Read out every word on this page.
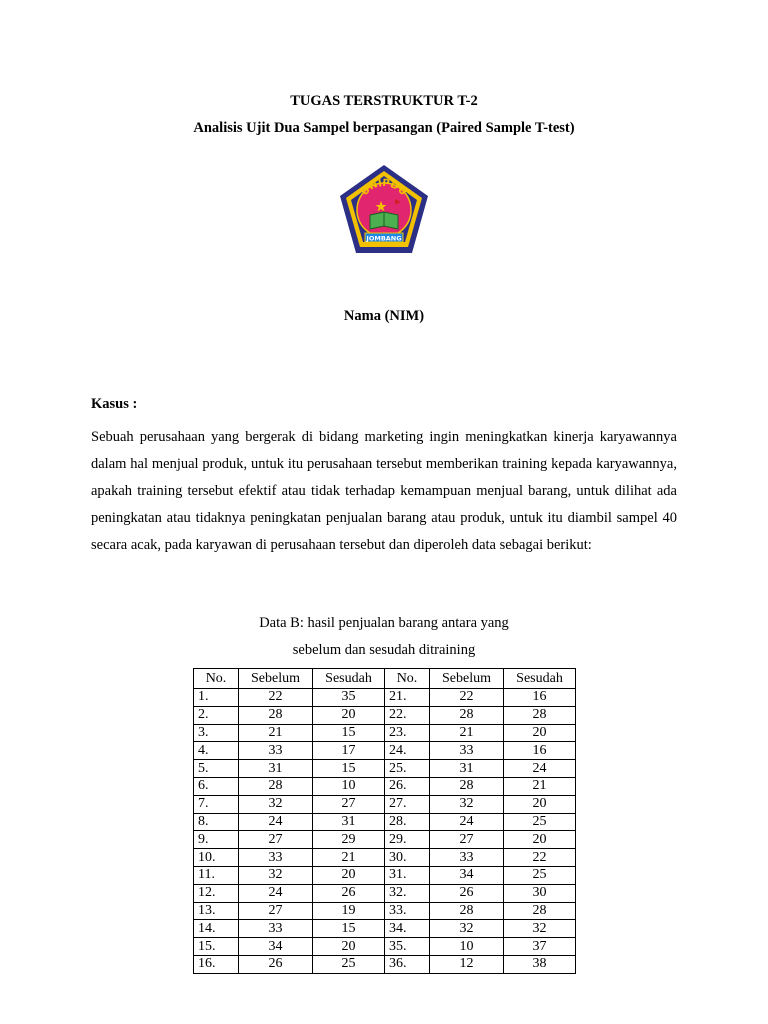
TUGAS TERSTRUKTUR T-2
Analisis Ujit Dua Sampel berpasangan (Paired Sample T-test)
UNIPDU
JOMBANG
Nama (NIM)
Kasus :

Sebuah perusahaan yang bergerak di bidang marketing ingin meningkatkan kinerja karyawannya dalam hal menjual produk, untuk itu perusahaan tersebut memberikan training kepada karyawannya, apakah training tersebut efektif atau tidak terhadap kemampuan menjual barang, untuk dilihat ada peningkatan atau tidaknya peningkatan penjualan barang atau produk, untuk itu diambil sampel 40 secara acak, pada karyawan di perusahaan tersebut dan diperoleh data sebagai berikut:

Data B: hasil penjualan barang antara yang
sebelum dan sesudah ditraining
No.	Sebelum	Sesudah	No.	Sebelum	Sesudah
1.	22	35	21.	22	16
2.	28	20	22.	28	28
3.	21	15	23.	21	20
4.	33	17	24.	33	16
5.	31	15	25.	31	24
6.	28	10	26.	28	21
7.	32	27	27.	32	20
8.	24	31	28.	24	25
9.	27	29	29.	27	20
10.	33	21	30.	33	22
11.	32	20	31.	34	25
12.	24	26	32.	26	30
13.	27	19	33.	28	28
14.	33	15	34.	32	32
15.	34	20	35.	10	37
16.	26	25	36.	12	38
